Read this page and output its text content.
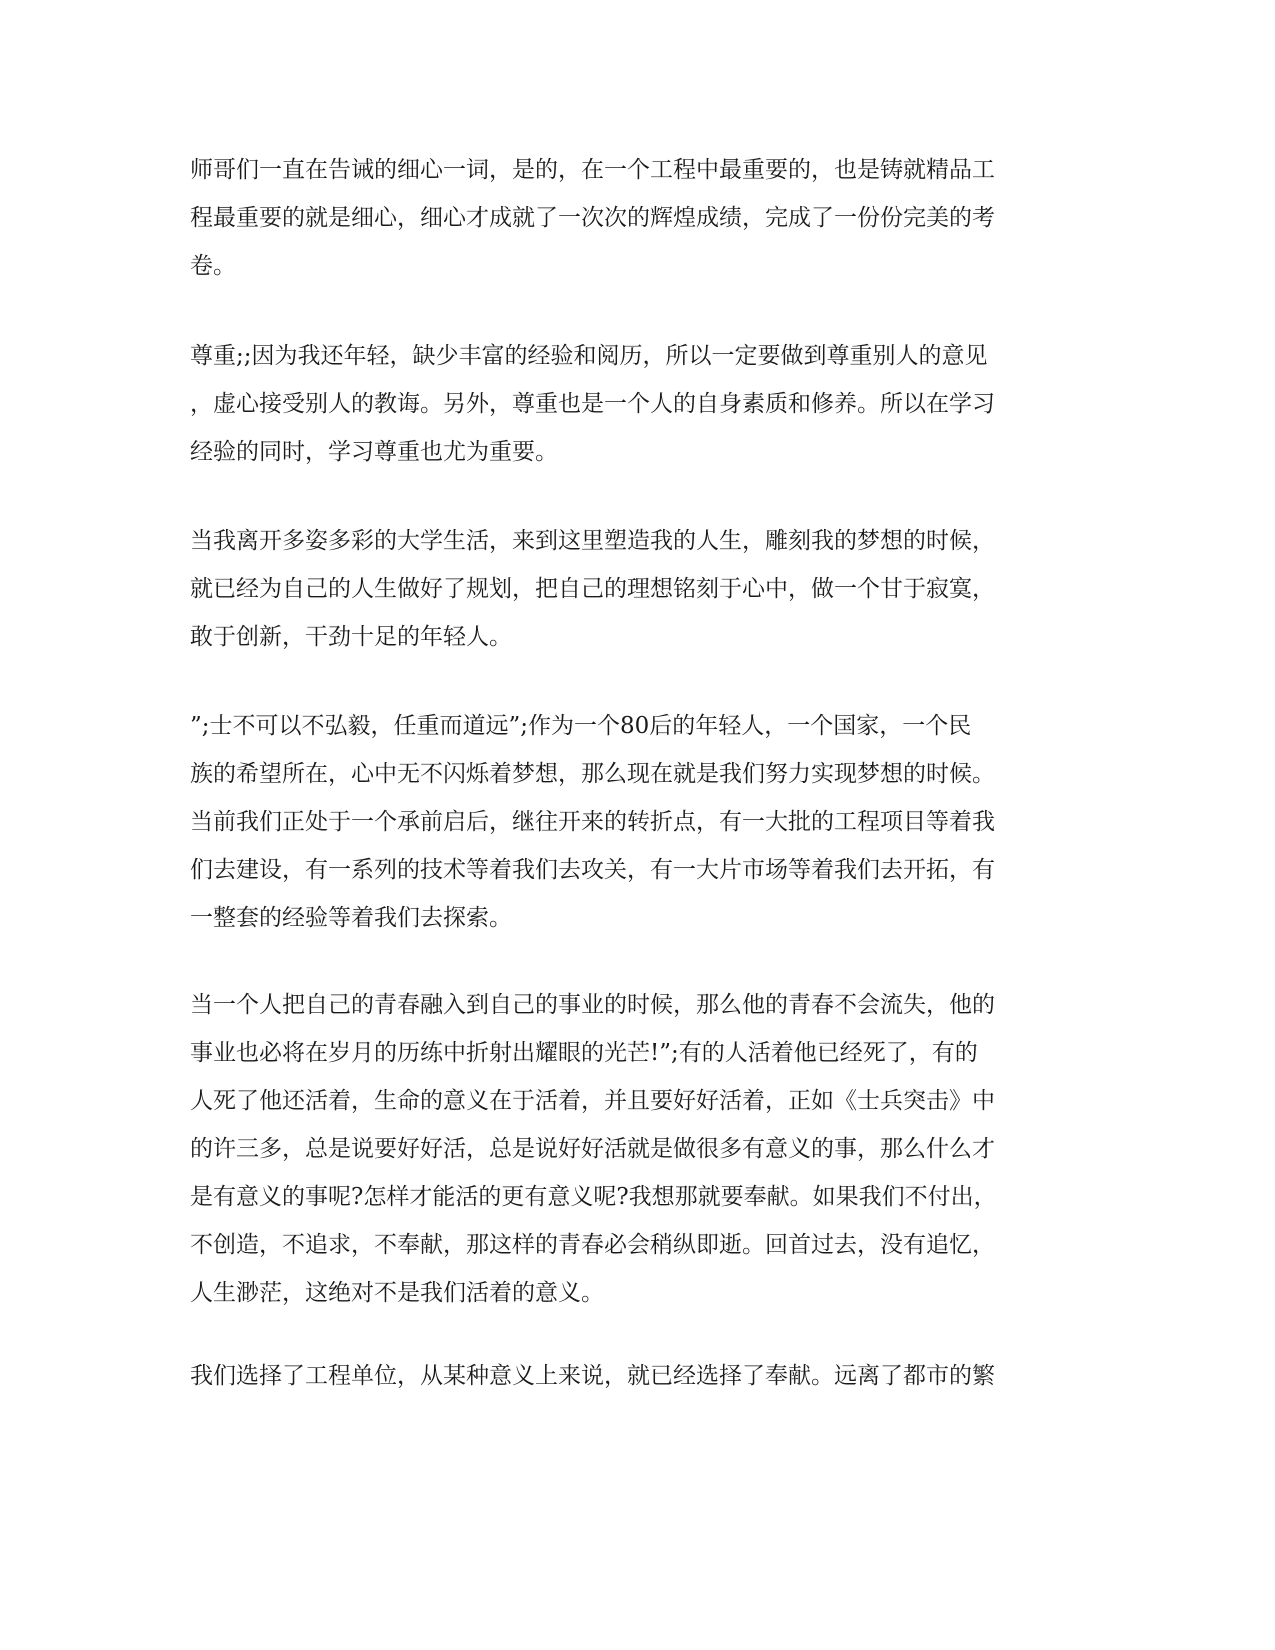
师哥们一直在告诫的细心一词，是的，在一个工程中最重要的，也是铸就精品工
程最重要的就是细心，细心才成就了一次次的辉煌成绩，完成了一份份完美的考
卷。
尊重;;因为我还年轻，缺少丰富的经验和阅历，所以一定要做到尊重别人的意见
，虚心接受别人的教诲。另外，尊重也是一个人的自身素质和修养。所以在学习
经验的同时，学习尊重也尤为重要。
当我离开多姿多彩的大学生活，来到这里塑造我的人生，雕刻我的梦想的时候，
就已经为自己的人生做好了规划，把自己的理想铭刻于心中，做一个甘于寂寞，
敢于创新，干劲十足的年轻人。
”;士不可以不弘毅，任重而道远”;作为一个80后的年轻人，一个国家，一个民
族的希望所在，心中无不闪烁着梦想，那么现在就是我们努力实现梦想的时候。
当前我们正处于一个承前启后，继往开来的转折点，有一大批的工程项目等着我
们去建设，有一系列的技术等着我们去攻关，有一大片市场等着我们去开拓，有
一整套的经验等着我们去探索。
当一个人把自己的青春融入到自己的事业的时候，那么他的青春不会流失，他的
事业也必将在岁月的历练中折射出耀眼的光芒!”;有的人活着他已经死了，有的
人死了他还活着，生命的意义在于活着，并且要好好活着，正如《士兵突击》中
的许三多，总是说要好好活，总是说好好活就是做很多有意义的事，那么什么才
是有意义的事呢?怎样才能活的更有意义呢?我想那就要奉献。如果我们不付出，
不创造，不追求，不奉献，那这样的青春必会稍纵即逝。回首过去，没有追忆，
人生渺茫，这绝对不是我们活着的意义。
我们选择了工程单位，从某种意义上来说，就已经选择了奉献。远离了都市的繁
